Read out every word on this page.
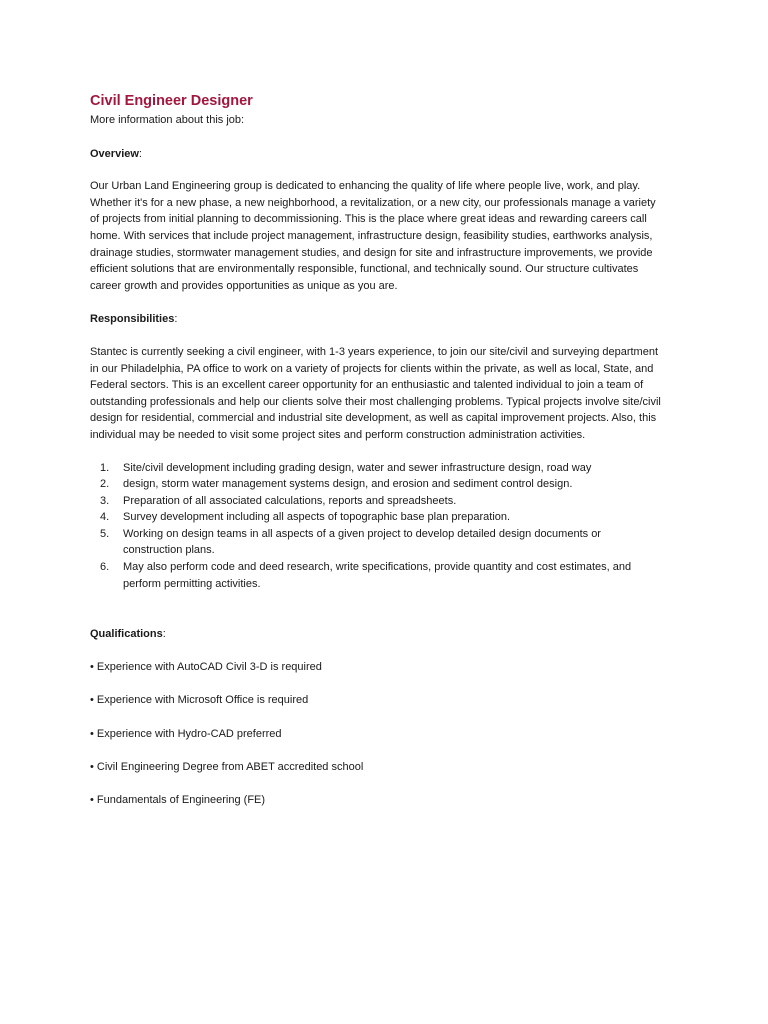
Civil Engineer Designer

More information about this job:

Overview:

Our Urban Land Engineering group is dedicated to enhancing the quality of life where people live, work, and play.

Whether it's for a new phase, a new neighborhood, a revitalization, or a new city, our professionals manage a variety

of projects from initial planning to decommissioning. This is the place where great ideas and rewarding careers call

home. With services that include project management, infrastructure design, feasibility studies, earthworks analysis,

drainage studies, stormwater management studies, and design for site and infrastructure improvements, we provide

efficient solutions that are environmentally responsible, functional, and technically sound. Our structure cultivates

career growth and provides opportunities as unique as you are.

Responsibilities:

Stantec is currently seeking a civil engineer, with 1-3 years experience, to join our site/civil and surveying department

in our Philadelphia, PA office to work on a variety of projects for clients within the private, as well as local, State, and

Federal sectors. This is an excellent career opportunity for an enthusiastic and talented individual to join a team of

outstanding professionals and help our clients solve their most challenging problems. Typical projects involve site/civil

design for residential, commercial and industrial site development, as well as capital improvement projects. Also, this

individual may be needed to visit some project sites and perform construction administration activities.

1. Site/civil development including grading design, water and sewer infrastructure design, road way
2. design, storm water management systems design, and erosion and sediment control design.
3. Preparation of all associated calculations, reports and spreadsheets.
4. Survey development including all aspects of topographic base plan preparation.
5. Working on design teams in all aspects of a given project to develop detailed design documents or
construction plans.
6. May also perform code and deed research, write specifications, provide quantity and cost estimates, and
perform permitting activities.

Qualifications:

• Experience with AutoCAD Civil 3-D is required

• Experience with Microsoft Office is required

• Experience with Hydro-CAD preferred

• Civil Engineering Degree from ABET accredited school

• Fundamentals of Engineering (FE)
